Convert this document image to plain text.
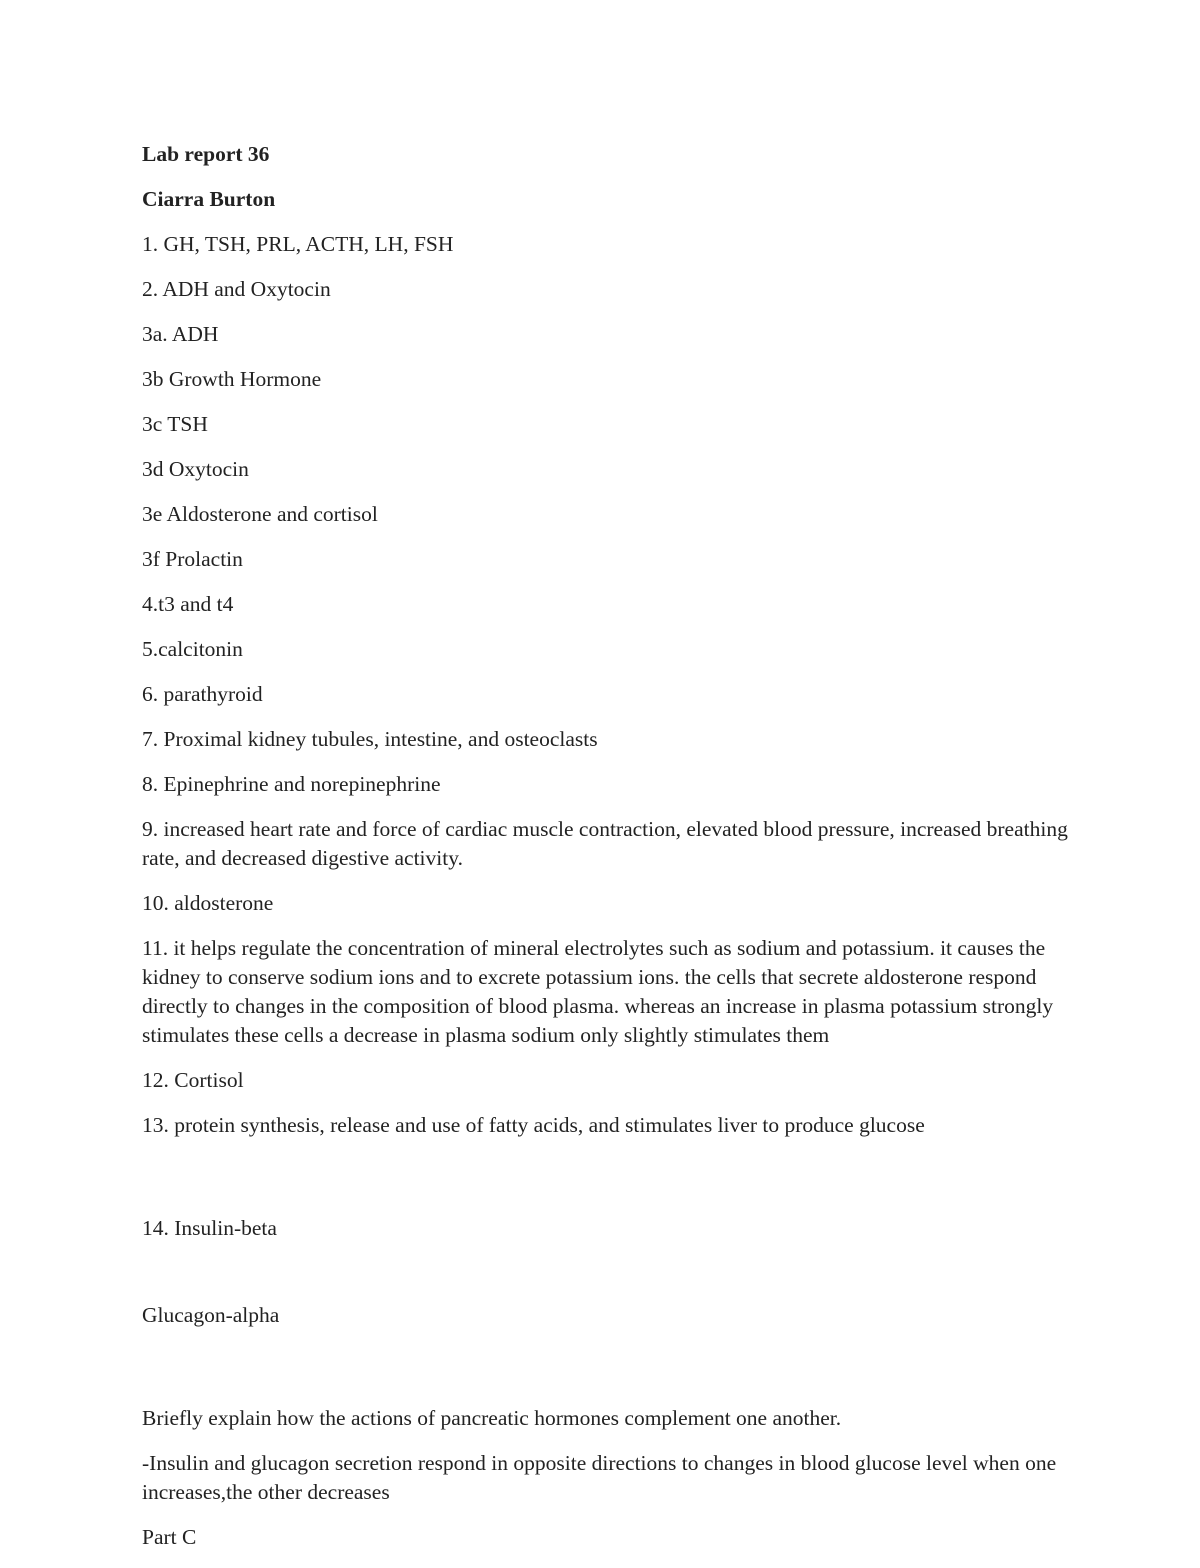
Lab report 36

Ciarra Burton

1. GH, TSH, PRL, ACTH, LH, FSH

2. ADH and Oxytocin

3a. ADH

3b Growth Hormone

3c TSH

3d Oxytocin

3e Aldosterone and cortisol

3f Prolactin

4.t3 and t4

5.calcitonin

6. parathyroid

7. Proximal kidney tubules, intestine, and osteoclasts

8. Epinephrine and norepinephrine

9. increased heart rate and force of cardiac muscle contraction, elevated blood pressure, increased breathing rate, and decreased digestive activity.

10. aldosterone

11. it helps regulate the concentration of mineral electrolytes such as sodium and potassium. it causes the kidney to conserve sodium ions and to excrete potassium ions. the cells that secrete aldosterone respond directly to changes in the composition of blood plasma. whereas an increase in plasma potassium strongly stimulates these cells a decrease in plasma sodium only slightly stimulates them

12. Cortisol

13. protein synthesis, release and use of fatty acids, and stimulates liver to produce glucose

14. Insulin-beta

Glucagon-alpha

Briefly explain how the actions of pancreatic hormones complement one another.

-Insulin and glucagon secretion respond in opposite directions to changes in blood glucose level when one increases,the other decreases

Part C
